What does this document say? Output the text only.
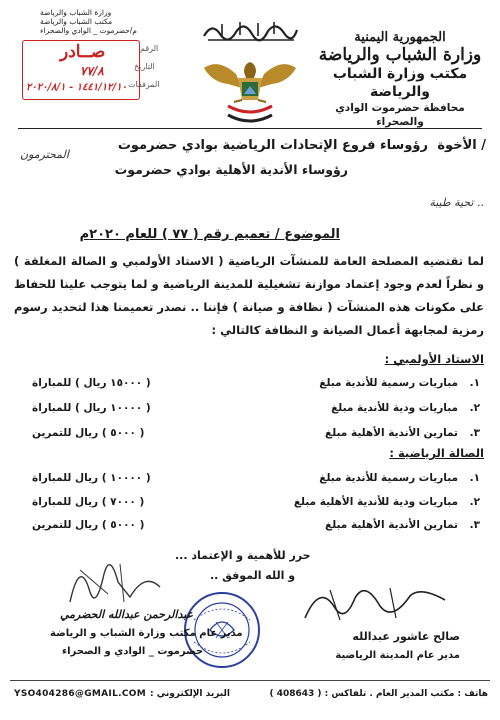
الجمهورية اليمنية
وزارة الشباب والرياضة
مكتب وزارة الشباب والرياضة
محافظة حضرموت الوادي والصحراء
وزارة الشباب والرياضة
مكتب الشباب والرياضة
م/حضرموت _ الوادي والصحراء
الرقم
التاريخ
المرفقات
صــادر
٧٧/٨
١٤٤١/١٢/١٠ - ٢٠٢٠/٨/١
الأخوة /
رؤوساء فروع الإتحادات الرياضية بوادي حضرموت
رؤوساء الأندية الأهلية بوادي حضرموت
المحترمون
تحية طيبة ..
الموضوع / تعميم رقم ( ٧٧ ) للعام ٢٠٢٠م
لما تقتضيه المصلحة العامة للمنشآت الرياضية ( الاستاد الأولمبي و الصالة المغلقة ) و نظراً لعدم وجود إعتماد موازنة تشغيلية للمدينة الرياضية و لما يتوجب علينا للحفاظ على مكونات هذه المنشآت ( نظافة و صيانة ) فإننا .. نصدر تعميمنا هذا لتحديد رسوم رمزية لمجابهة أعمال الصيانة و النظافة كالتالي :
الاستاد الأولمبي :
١.
مباريات رسمية للأندية مبلغ
( ١٥٠٠٠ ريال ) للمباراة
٢.
مباريات ودية للأندية مبلغ
( ١٠٠٠٠ ريال ) للمباراة
٣.
تمارين الأندية الأهلية مبلغ
( ٥٠٠٠ ) ريال للتمرين
الصالة الرياضية :
١.
مباريات رسمية للأندية مبلغ
( ١٠٠٠٠ ) ريال للمباراة
٢.
مباريات ودية للأندية الأهلية مبلغ
( ٧٠٠٠ ) ريال للمباراة
٣.
تمارين الأندية الأهلية مبلغ
( ٥٠٠٠ ) ريال للتمرين
حرر للأهمية و الإعتماد ...
و الله الموفق ..
صالح عاشور عبدالله
مدير عام المدينة الرياضية
عبدالرحمن عبدالله الحضرمي
مدير عام مكتب وزارة الشباب و الرياضة
حضرموت _ الوادي و الصحراء
هاتف : مكتب المدير العام . تلفاكس : ( 408643 )
البريد الإلكتروني :
YSO404286@GMAIL.COM
